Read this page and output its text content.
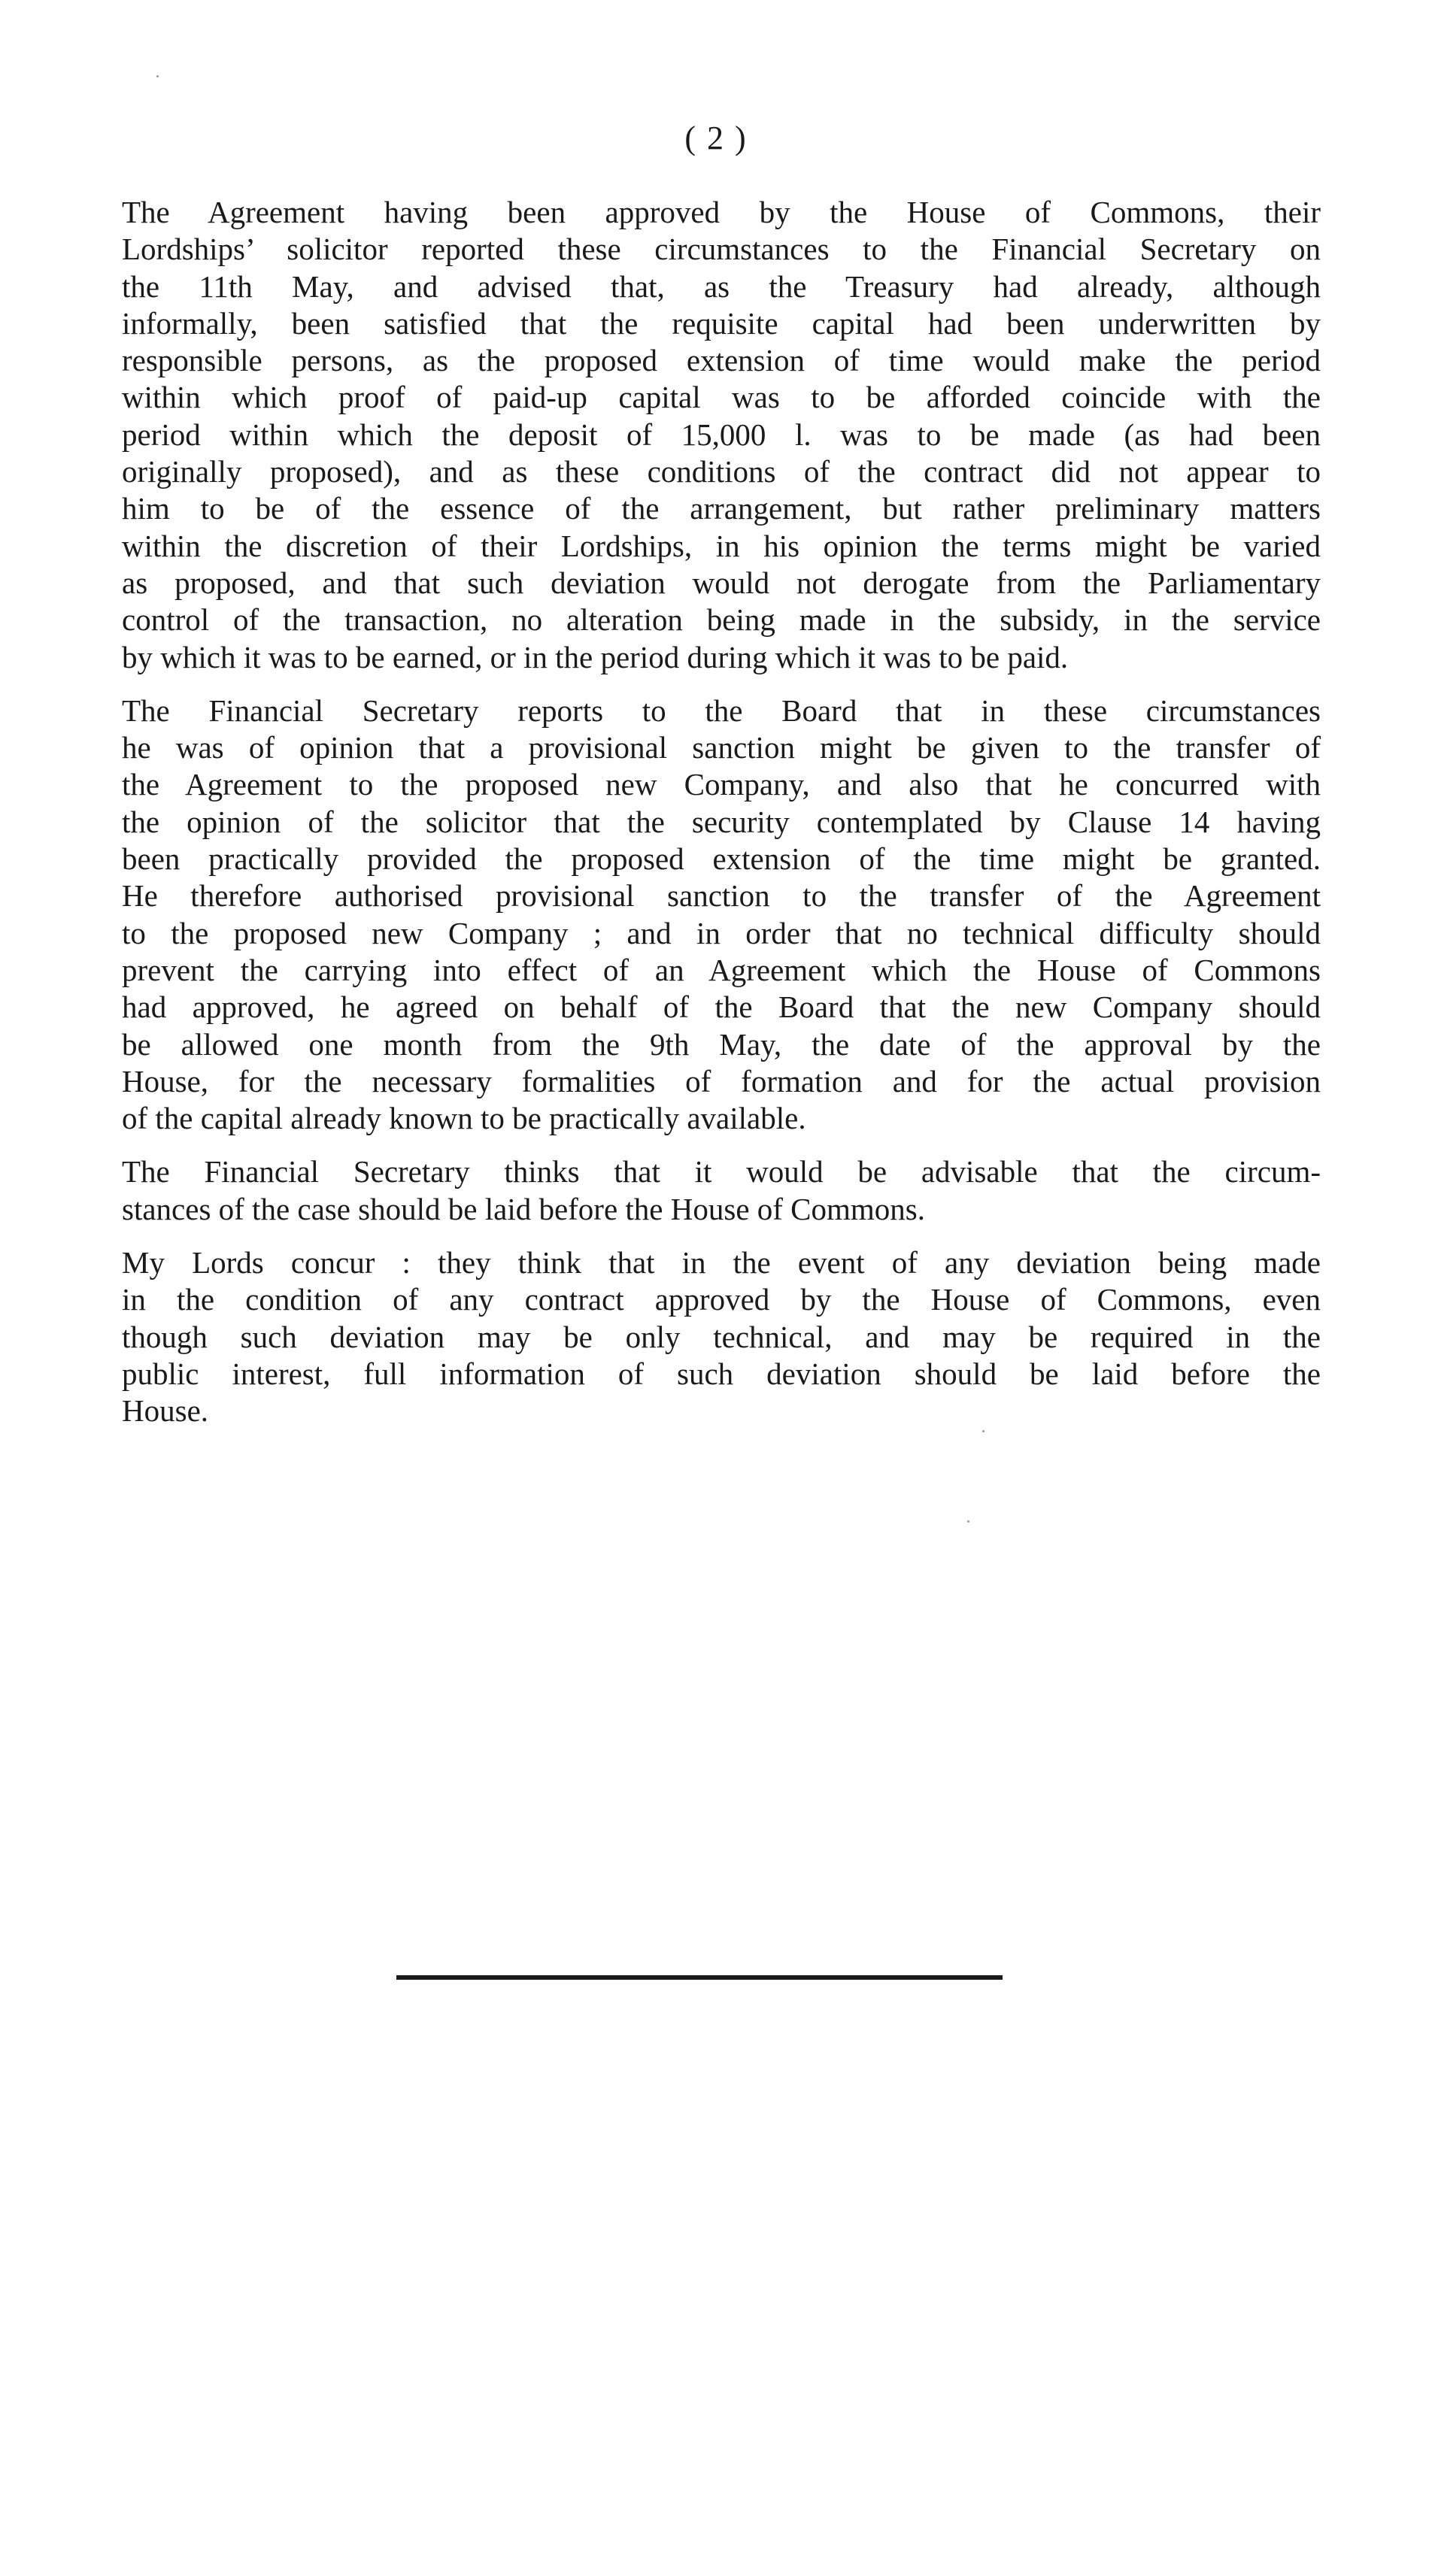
( 2 )

The Agreement having been approved by the House of Commons, their
Lordships’ solicitor reported these circumstances to the Financial Secretary on
the 11th May, and advised that, as the Treasury had already, although
informally, been satisfied that the requisite capital had been underwritten by
responsible persons, as the proposed extension of time would make the period
within which proof of paid-up capital was to be afforded coincide with the
period within which the deposit of 15,000 l. was to be made (as had been
originally proposed), and as these conditions of the contract did not appear to
him to be of the essence of the arrangement, but rather preliminary matters
within the discretion of their Lordships, in his opinion the terms might be varied
as proposed, and that such deviation would not derogate from the Parliamentary
control of the transaction, no alteration being made in the subsidy, in the service
by which it was to be earned, or in the period during which it was to be paid.

The Financial Secretary reports to the Board that in these circumstances
he was of opinion that a provisional sanction might be given to the transfer of
the Agreement to the proposed new Company, and also that he concurred with
the opinion of the solicitor that the security contemplated by Clause 14 having
been practically provided the proposed extension of the time might be granted.
He therefore authorised provisional sanction to the transfer of the Agreement
to the proposed new Company ; and in order that no technical difficulty should
prevent the carrying into effect of an Agreement which the House of Commons
had approved, he agreed on behalf of the Board that the new Company should
be allowed one month from the 9th May, the date of the approval by the
House, for the necessary formalities of formation and for the actual provision
of the capital already known to be practically available.

The Financial Secretary thinks that it would be advisable that the circum-
stances of the case should be laid before the House of Commons.

My Lords concur : they think that in the event of any deviation being made
in the condition of any contract approved by the House of Commons, even
though such deviation may be only technical, and may be required in the
public interest, full information of such deviation should be laid before the
House.
